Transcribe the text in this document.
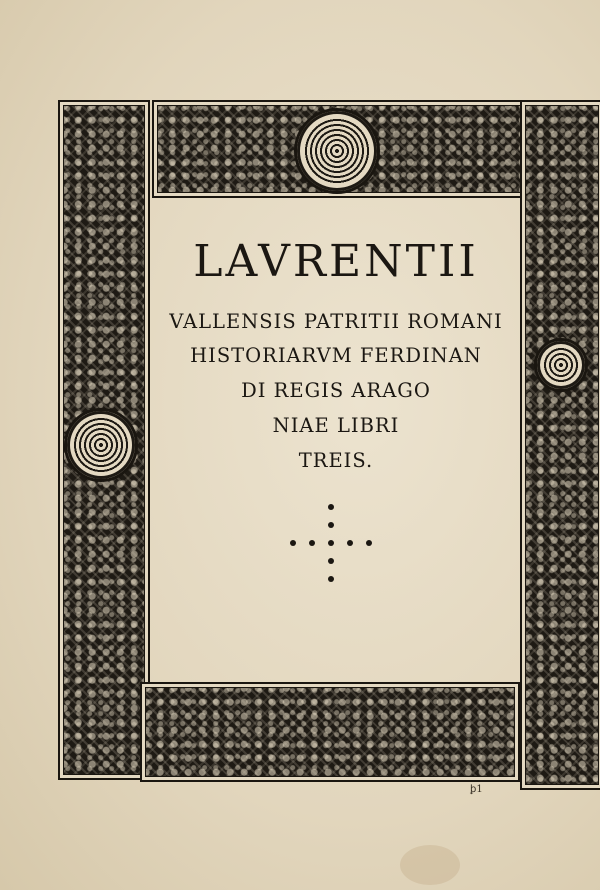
LAVRENTII
VALLENSIS PATRITII ROMANI
HISTORIARVM FERDINAN
DI REGIS ARAGO
NIAE LIBRI
TREIS.
ꝧ1
